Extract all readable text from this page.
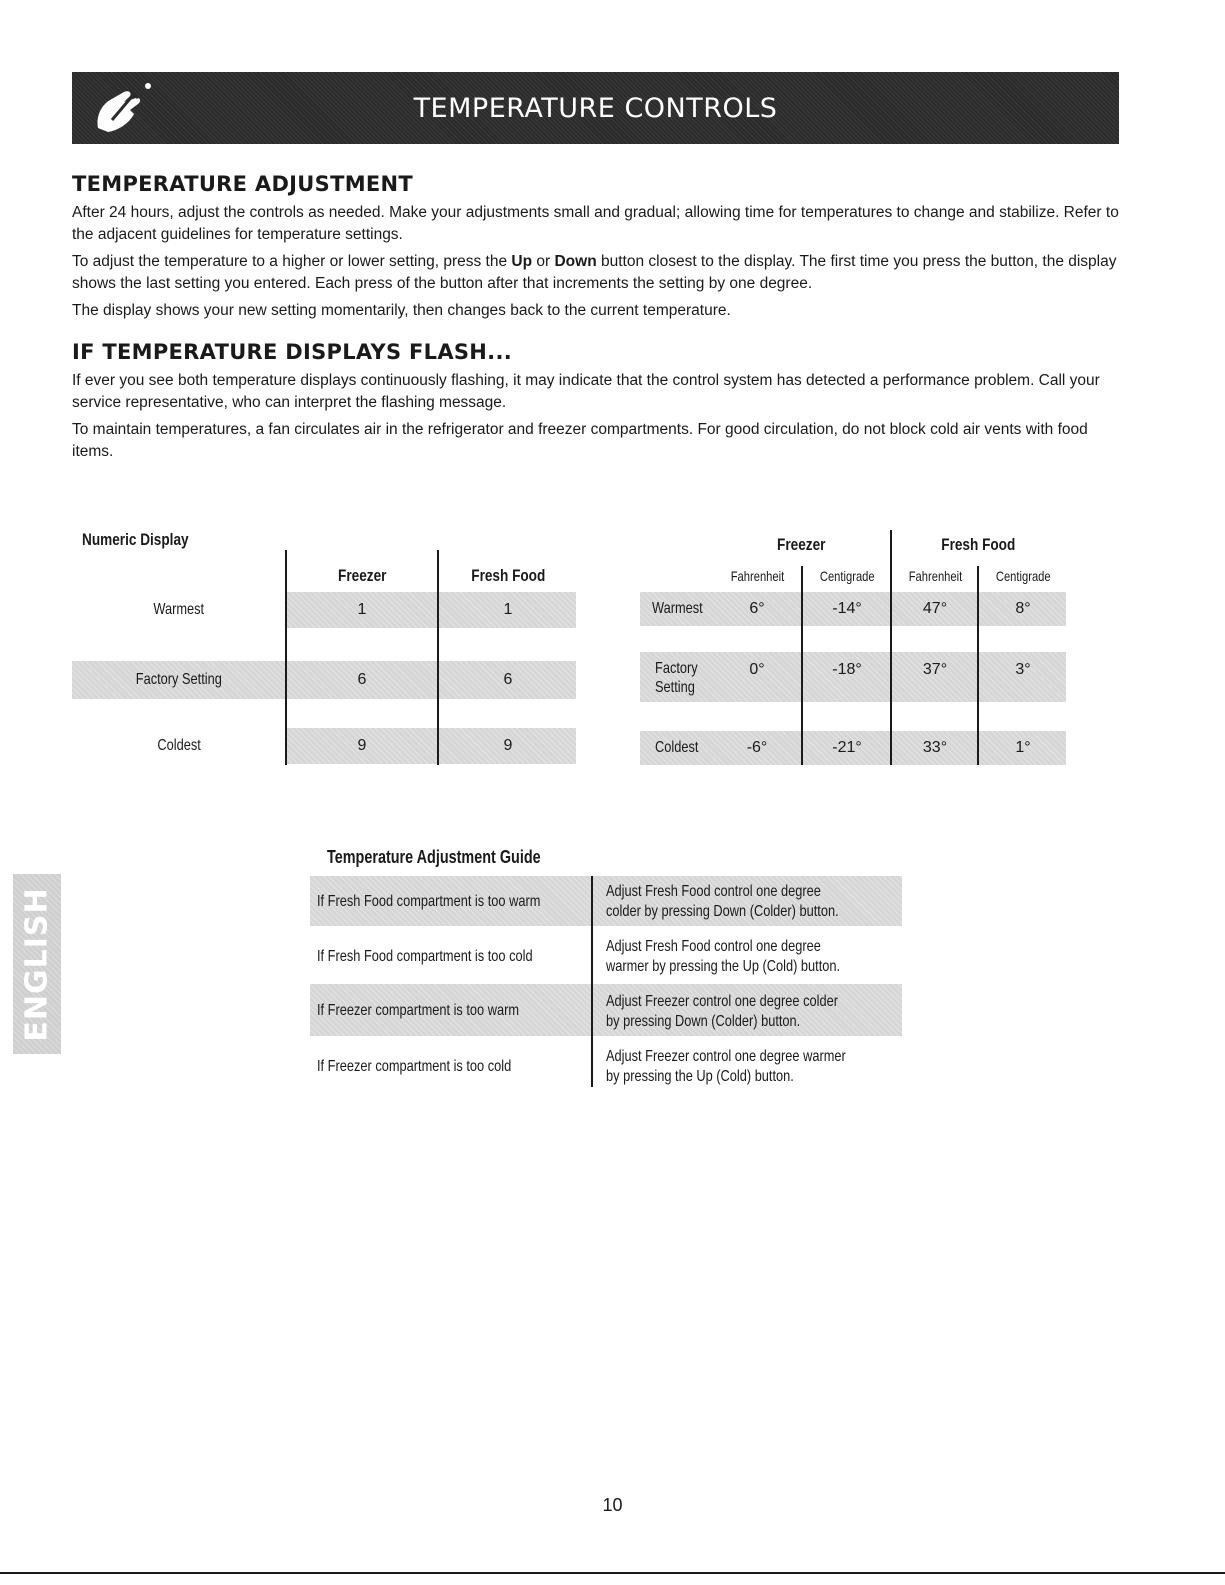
TEMPERATURE CONTROLS
TEMPERATURE ADJUSTMENT

After 24 hours, adjust the controls as needed. Make your adjustments small and gradual; allowing time for temperatures to change and stabilize. Refer to the adjacent guidelines for temperature settings.

To adjust the temperature to a higher or lower setting, press the Up or Down button closest to the display. The first time you press the button, the display shows the last setting you entered. Each press of the button after that increments the setting by one degree.

The display shows your new setting momentarily, then changes back to the current temperature.

IF TEMPERATURE DISPLAYS FLASH...

If ever you see both temperature displays continuously flashing, it may indicate that the control system has detected a performance problem. Call your service representative, who can interpret the flashing message.

To maintain temperatures, a fan circulates air in the refrigerator and freezer compartments. For good circulation, do not block cold air vents with food items.

Numeric Display
Freezer	Fresh Food
Warmest	1	1
Factory Setting	6	6
Coldest	9	9
Freezer	Fresh Food
Fahrenheit	Centigrade	Fahrenheit	Centigrade
Warmest	6°	-14°	47°	8°
Factory
Setting
0°	-18°	37°	3°
Coldest	-6°	-21°	33°	1°
Temperature Adjustment Guide
If Fresh Food compartment is too warm
Adjust Fresh Food control one degree
colder by pressing Down (Colder) button.
If Fresh Food compartment is too cold
Adjust Fresh Food control one degree
warmer by pressing the Up (Cold) button.
If Freezer compartment is too warm
Adjust Freezer control one degree colder
by pressing Down (Colder) button.
If Freezer compartment is too cold
Adjust Freezer control one degree warmer
by pressing the Up (Cold) button.
ENGLISH
10
